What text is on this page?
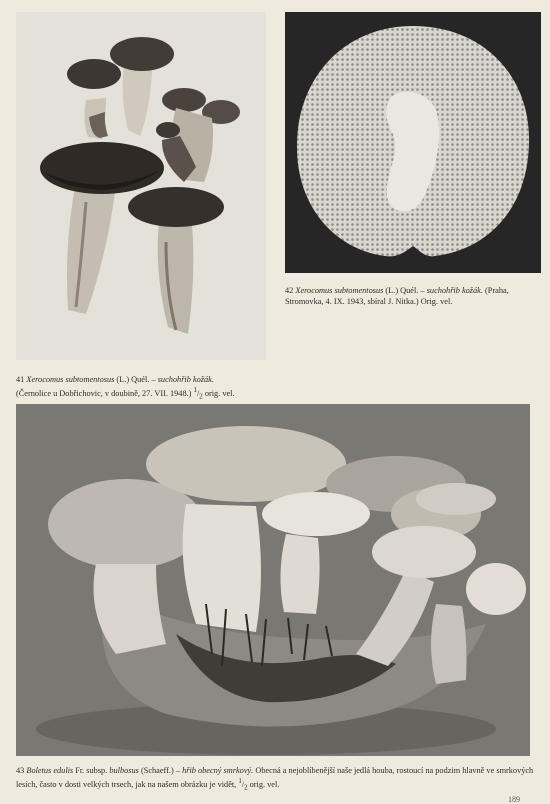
41 Xerocomus subtomentosus (L.) Quél. – suchohřib kožák.
(Černolice u Dobřichovic, v doubině, 27. VII. 1948.) $^1/_2$ orig. vel.

42 Xerocomus subtomentosus (L.) Quél. – suchohřib kožák. (Praha, Stromovka, 4. IX. 1943, sbíral J. Nitka.) Orig. vel.

43 Boletus edulis Fr. subsp. bulbosus (Schaeff.) – hřib obecný smrkový. Obecná a nejoblíbenější naše jedlá houba, rostoucí na podzim hlavně ve smrkových lesích, často v dosti velkých trsech, jak na našem obrázku je vidět, $^1/_2$ orig. vel.

189
